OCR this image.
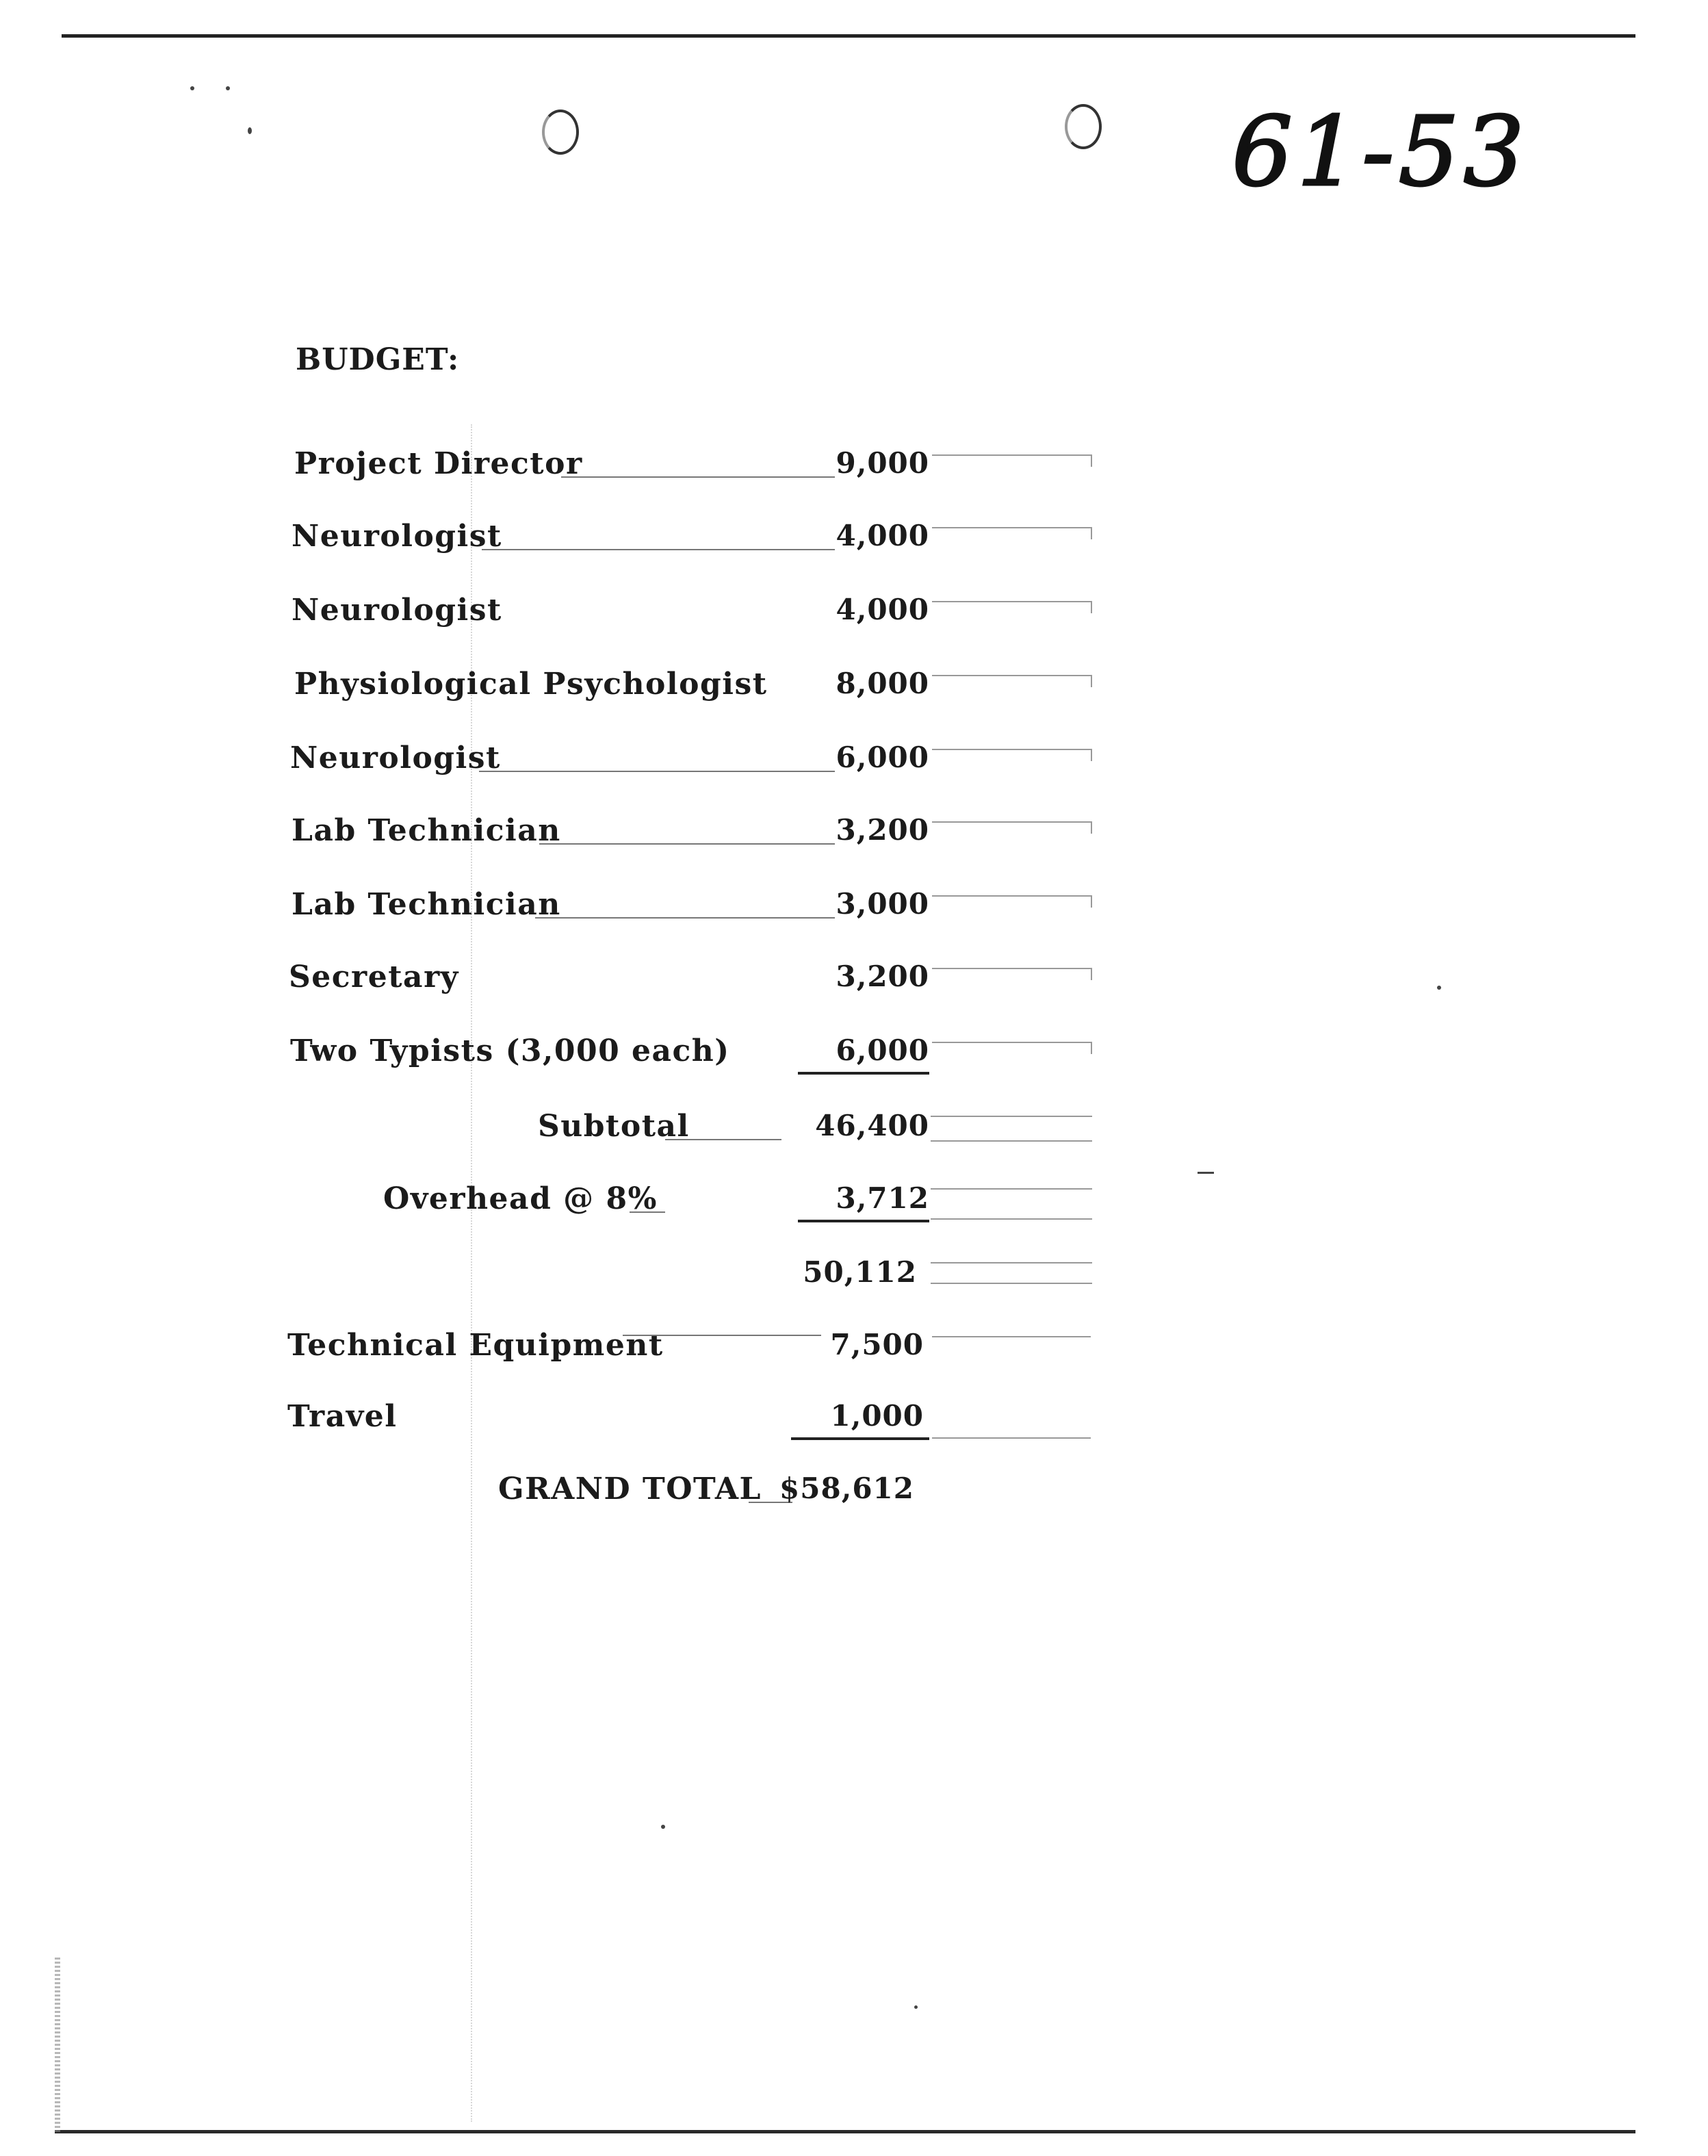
61-53
BUDGET:
Project Director	9,000
Neurologist	4,000
Neurologist	4,000
Physiological Psychologist	8,000
Neurologist	6,000
Lab Technician	3,200
Lab Technician	3,000
Secretary	3,200
Two Typists (3,000 each)	6,000
Subtotal	46,400
Overhead @ 8%	3,712
50,112
Technical Equipment	7,500
Travel	1,000
GRAND TOTAL $58,612
